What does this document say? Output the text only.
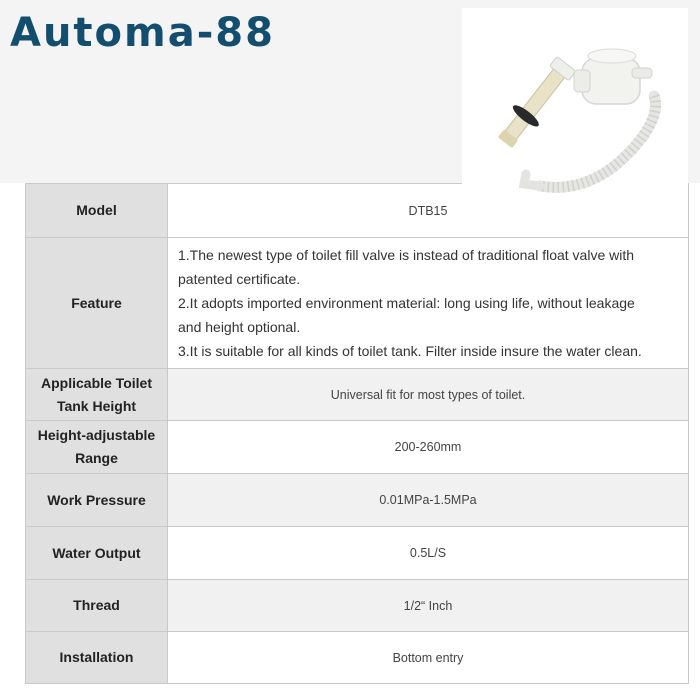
Automa-88
Model	DTB15
Feature	1.The newest type of toilet fill valve is instead of traditional float valve with
patented certificate.
2.It adopts imported environment material: long using life, without leakage
and height optional.
3.It is suitable for all kinds of toilet tank. Filter inside insure the water clean.

Applicable Toilet
Tank Height	Universal fit for most types of toilet.

Height-adjustable
Range	200-260mm
Work Pressure	0.01MPa-1.5MPa
Water Output	0.5L/S
Thread	1/2“ Inch
Installation	Bottom entry
